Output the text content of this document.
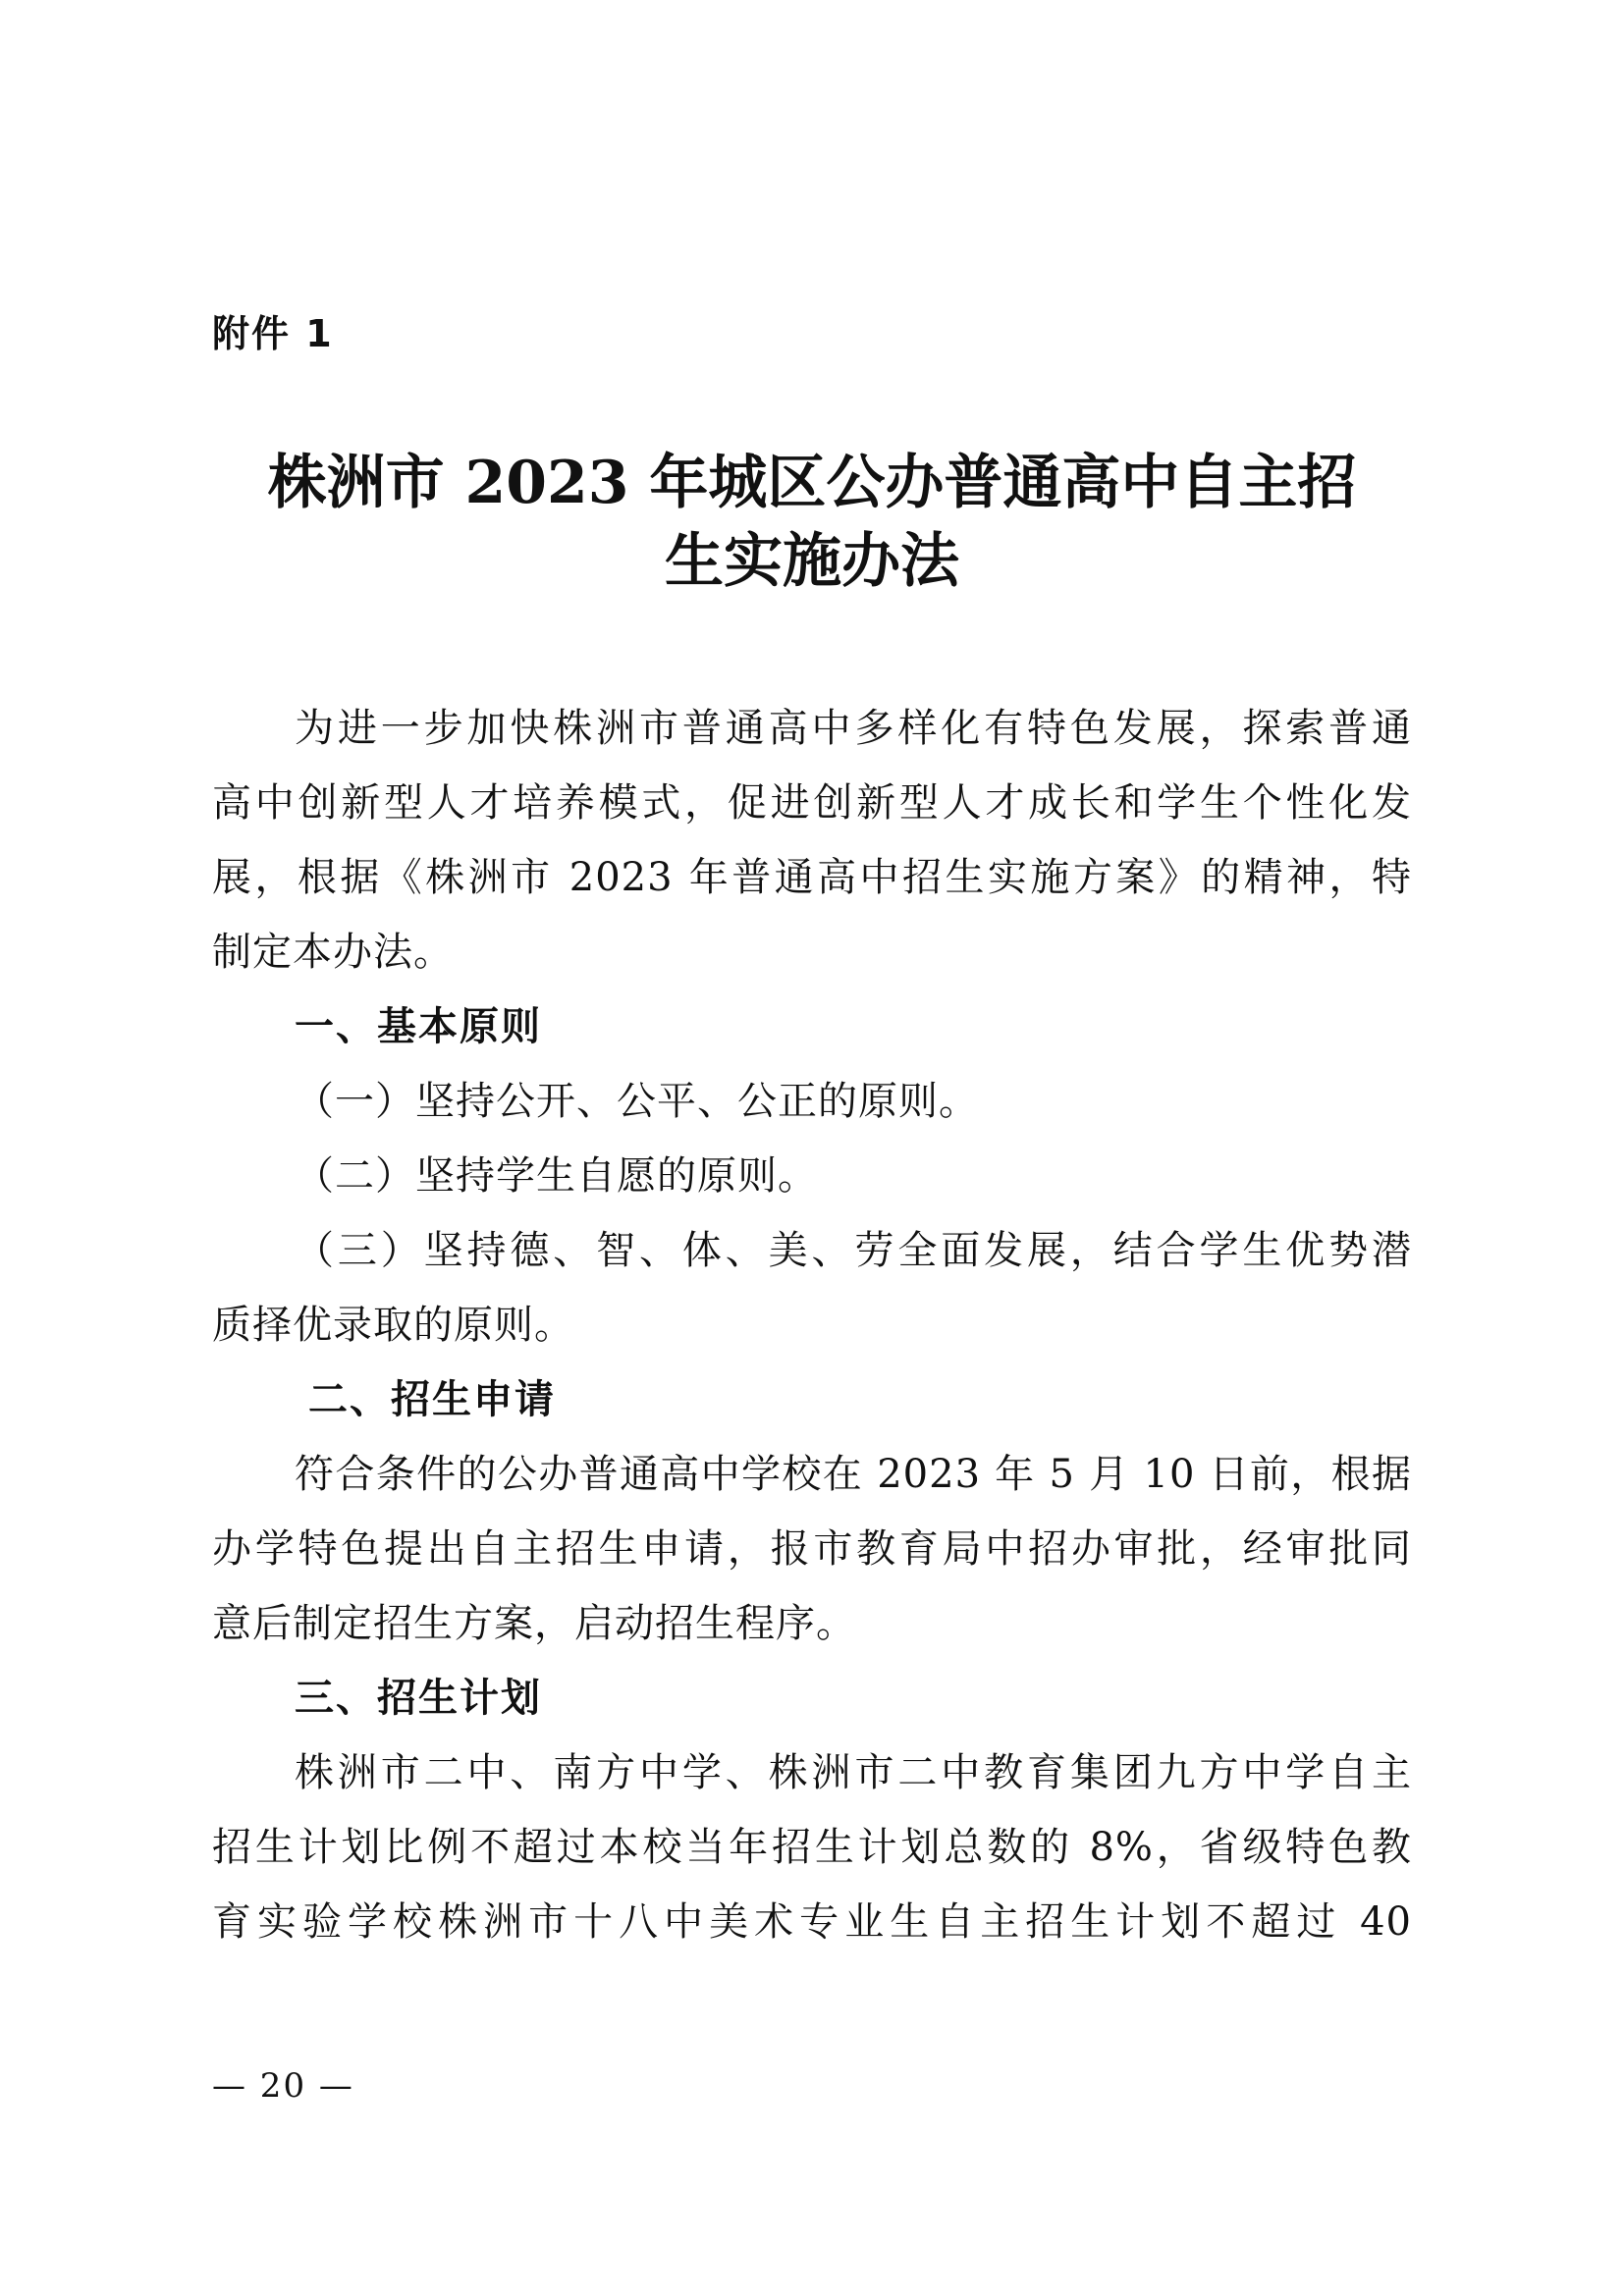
附件 1
株洲市 2023 年城区公办普通高中自主招
生实施办法
为进一步加快株洲市普通高中多样化有特色发展，探索普通
高中创新型人才培养模式，促进创新型人才成长和学生个性化发
展，根据《株洲市 2023 年普通高中招生实施方案》的精神，特
制定本办法。
一、基本原则
（一）坚持公开、公平、公正的原则。
（二）坚持学生自愿的原则。
（三）坚持德、智、体、美、劳全面发展，结合学生优势潜
质择优录取的原则。
二、招生申请
符合条件的公办普通高中学校在 2023 年 5 月 10 日前，根据
办学特色提出自主招生申请，报市教育局中招办审批，经审批同
意后制定招生方案，启动招生程序。
三、招生计划
株洲市二中、南方中学、株洲市二中教育集团九方中学自主
招生计划比例不超过本校当年招生计划总数的 8%，省级特色教
育实验学校株洲市十八中美术专业生自主招生计划不超过 40
— 20 —
